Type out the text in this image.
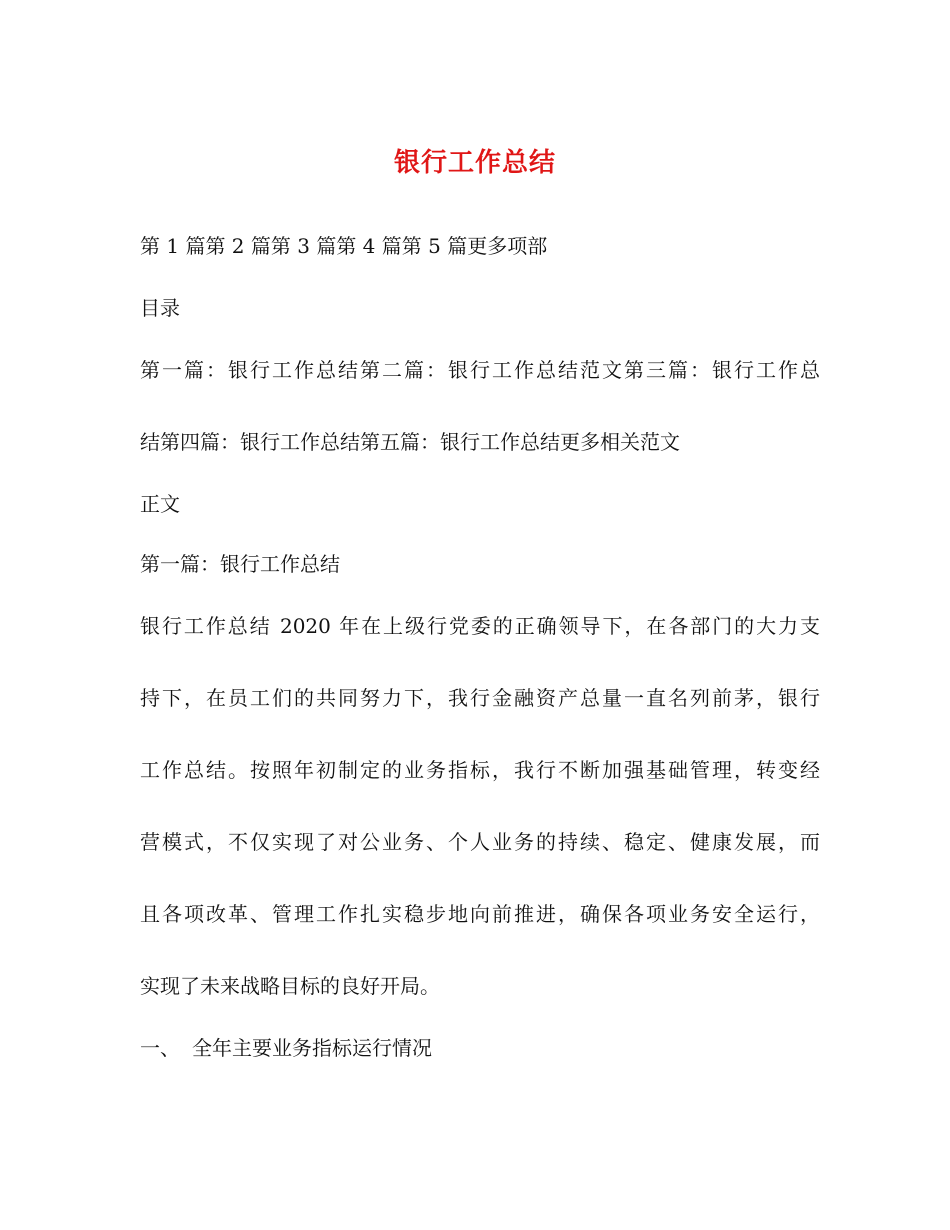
银行工作总结
第 1 篇第 2 篇第 3 篇第 4 篇第 5 篇更多项部
目录
第一篇：银行工作总结第二篇：银行工作总结范文第三篇：银行工作总
结第四篇：银行工作总结第五篇：银行工作总结更多相关范文
正文
第一篇：银行工作总结
银行工作总结 2020 年在上级行党委的正确领导下，在各部门的大力支
持下，在员工们的共同努力下，我行金融资产总量一直名列前茅，银行
工作总结。按照年初制定的业务指标，我行不断加强基础管理，转变经
营模式，不仅实现了对公业务、个人业务的持续、稳定、健康发展，而
且各项改革、管理工作扎实稳步地向前推进，确保各项业务安全运行，
实现了未来战略目标的良好开局。
一、 全年主要业务指标运行情况
